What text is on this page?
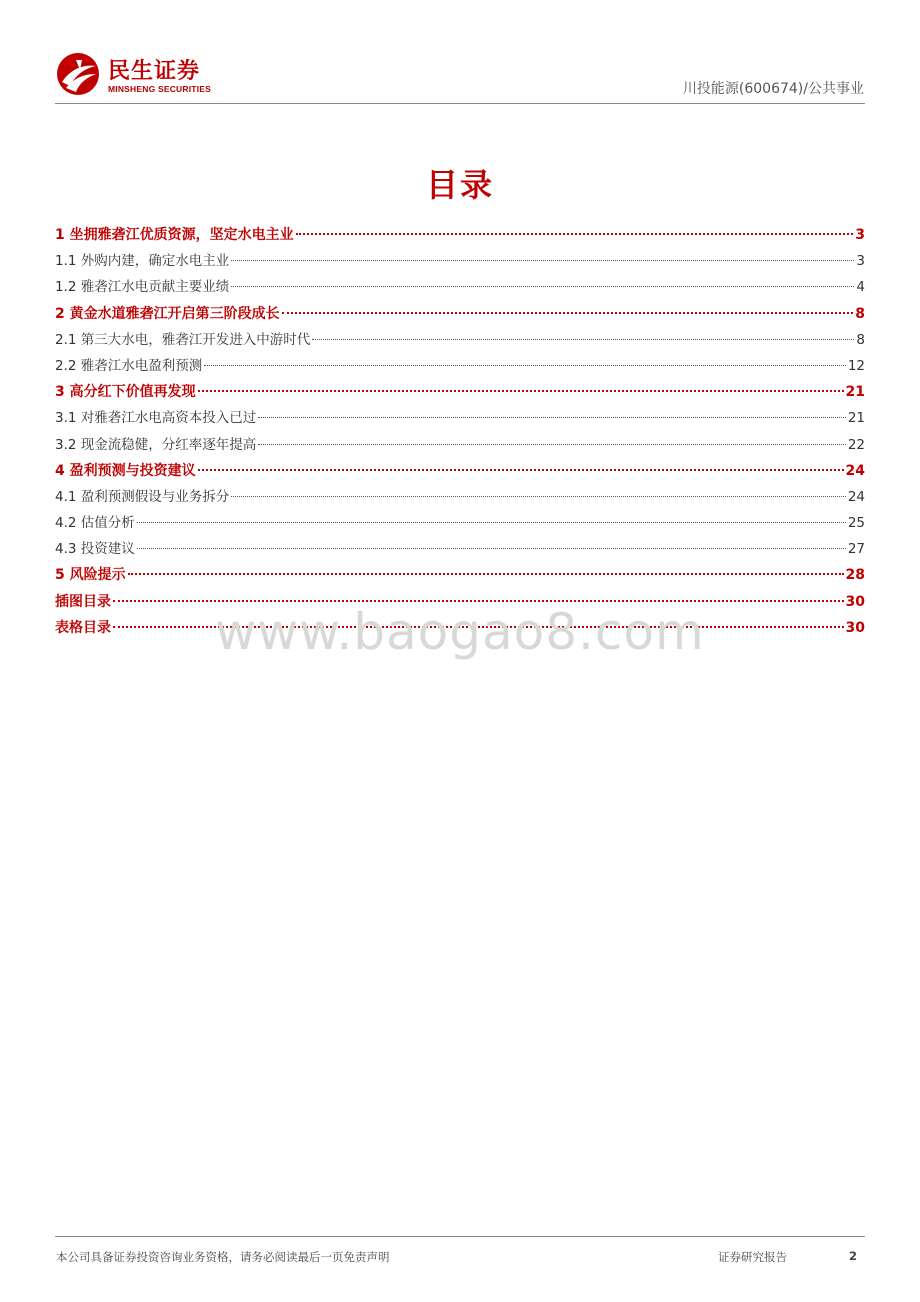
民生证券
MINSHENG SECURITIES	川投能源(600674)/公共事业
目录
1 坐拥雅砻江优质资源，坚定水电主业	3
1.1 外购内建，确定水电主业	3
1.2 雅砻江水电贡献主要业绩	4
2 黄金水道雅砻江开启第三阶段成长	8
2.1 第三大水电，雅砻江开发进入中游时代	8
2.2 雅砻江水电盈利预测	12
3 高分红下价值再发现	21
3.1 对雅砻江水电高资本投入已过	21
3.2 现金流稳健，分红率逐年提高	22
4 盈利预测与投资建议	24
4.1 盈利预测假设与业务拆分	24
4.2 估值分析	25
4.3 投资建议	27
5 风险提示	28
插图目录	30
表格目录	30
www.baogao8.com
本公司具备证券投资咨询业务资格，请务必阅读最后一页免责声明	证券研究报告	2
